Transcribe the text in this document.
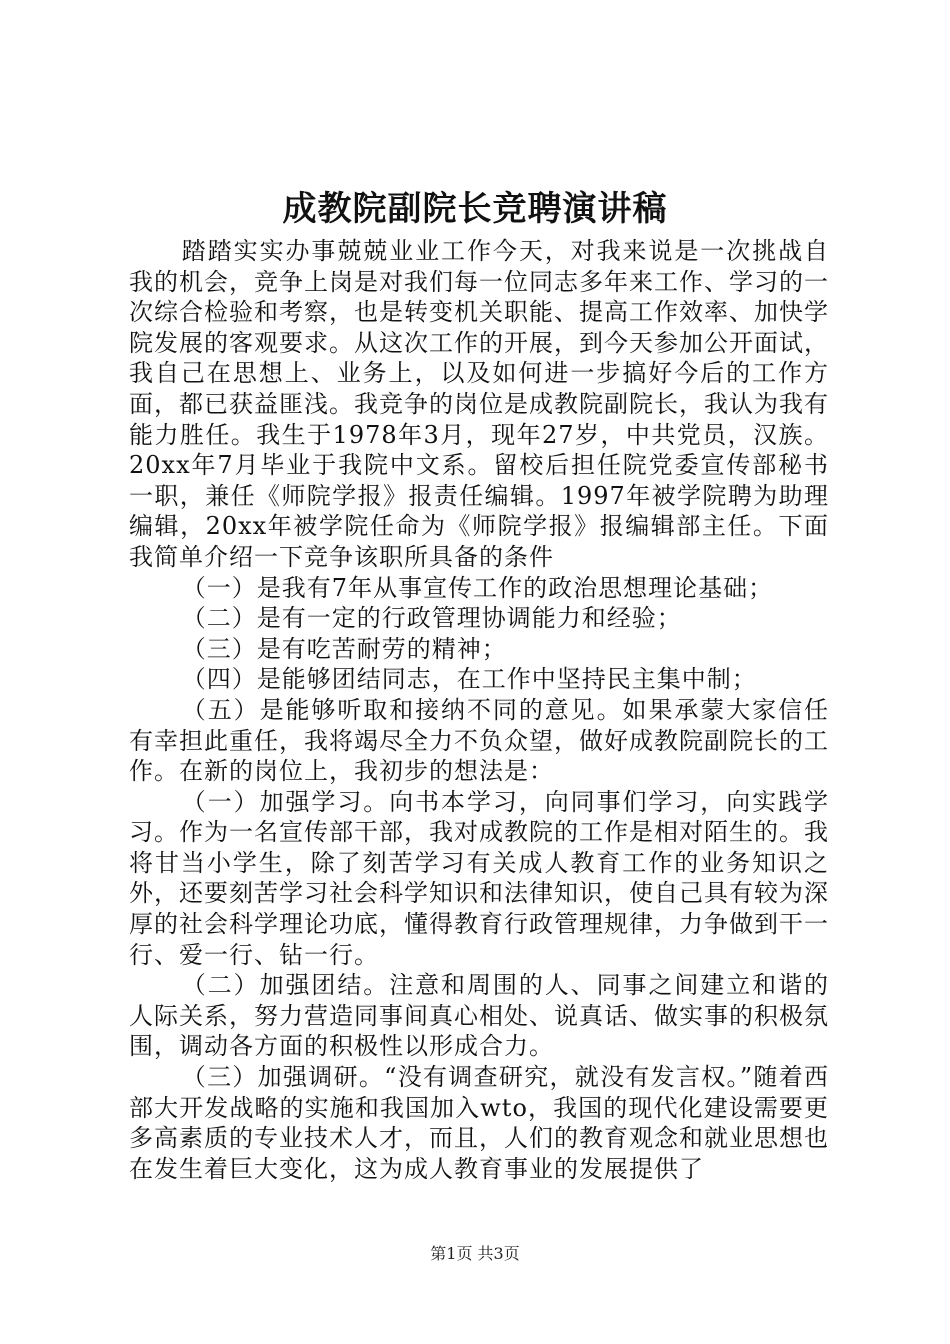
成教院副院长竞聘演讲稿

踏踏实实办事兢兢业业工作今天，对我来说是一次挑战自我的机会，竞争上岗是对我们每一位同志多年来工作、学习的一次综合检验和考察，也是转变机关职能、提高工作效率、加快学院发展的客观要求。从这次工作的开展，到今天参加公开面试，我自己在思想上、业务上，以及如何进一步搞好今后的工作方面，都已获益匪浅。我竞争的岗位是成教院副院长，我认为我有能力胜任。我生于1978年3月，现年27岁，中共党员，汉族。20xx年7月毕业于我院中文系。留校后担任院党委宣传部秘书一职，兼任《师院学报》报责任编辑。1997年被学院聘为助理编辑，20xx年被学院任命为《师院学报》报编辑部主任。下面我简单介绍一下竞争该职所具备的条件

（一）是我有7年从事宣传工作的政治思想理论基础；

（二）是有一定的行政管理协调能力和经验；

（三）是有吃苦耐劳的精神；

（四）是能够团结同志，在工作中坚持民主集中制；

（五）是能够听取和接纳不同的意见。如果承蒙大家信任有幸担此重任，我将竭尽全力不负众望，做好成教院副院长的工作。在新的岗位上，我初步的想法是：

（一）加强学习。向书本学习，向同事们学习，向实践学习。作为一名宣传部干部，我对成教院的工作是相对陌生的。我将甘当小学生，除了刻苦学习有关成人教育工作的业务知识之外，还要刻苦学习社会科学知识和法律知识，使自己具有较为深厚的社会科学理论功底，懂得教育行政管理规律，力争做到干一行、爱一行、钻一行。

（二）加强团结。注意和周围的人、同事之间建立和谐的人际关系，努力营造同事间真心相处、说真话、做实事的积极氛围，调动各方面的积极性以形成合力。

（三）加强调研。“没有调查研究，就没有发言权。”随着西部大开发战略的实施和我国加入wto，我国的现代化建设需要更多高素质的专业技术人才，而且，人们的教育观念和就业思想也在发生着巨大变化，这为成人教育事业的发展提供了

第1页 共3页
